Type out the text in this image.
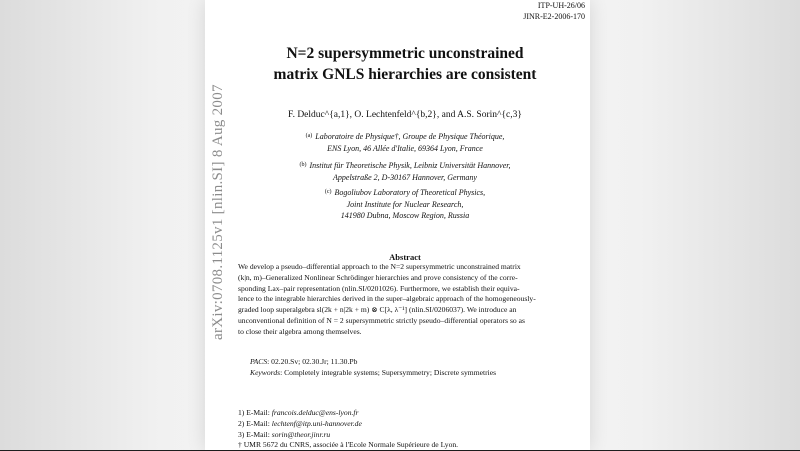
arXiv:0708.1125v1 [nlin.SI] 8 Aug 2007
ITP-UH-26/06
JINR-E2-2006-170
N=2 supersymmetric unconstrained
matrix GNLS hierarchies are consistent
F. Delduc^{a,1}, O. Lechtenfeld^{b,2}, and A.S. Sorin^{c,3}
$^{(a)}$ Laboratoire de Physique†, Groupe de Physique Théorique,
ENS Lyon, 46 Allée d'Italie, 69364 Lyon, France
$^{(b)}$ Institut für Theoretische Physik, Leibniz Universität Hannover,
Appelstraße 2, D-30167 Hannover, Germany
$^{(c)}$ Bogoliubov Laboratory of Theoretical Physics,
Joint Institute for Nuclear Research,
141980 Dubna, Moscow Region, Russia
Abstract
We develop a pseudo–differential approach to the N=2 supersymmetric unconstrained matrix
(k|n, m)–Generalized Nonlinear Schrödinger hierarchies and prove consistency of the corre-
sponding Lax–pair representation (nlin.SI/0201026). Furthermore, we establish their equiva-
lence to the integrable hierarchies derived in the super–algebraic approach of the homogeneously-
graded loop superalgebra sl(2k + n|2k + m) ⊗ C[λ, λ⁻¹] (nlin.SI/0206037). We introduce an
unconventional definition of N = 2 supersymmetric strictly pseudo–differential operators so as
to close their algebra among themselves.
PACS: 02.20.Sv; 02.30.Jr; 11.30.Pb
Keywords: Completely integrable systems; Supersymmetry; Discrete symmetries
1) E-Mail: francois.delduc@ens-lyon.fr
2) E-Mail: lechtenf@itp.uni-hannover.de
3) E-Mail: sorin@theor.jinr.ru
† UMR 5672 du CNRS, associée à l'Ecole Normale Supérieure de Lyon.
